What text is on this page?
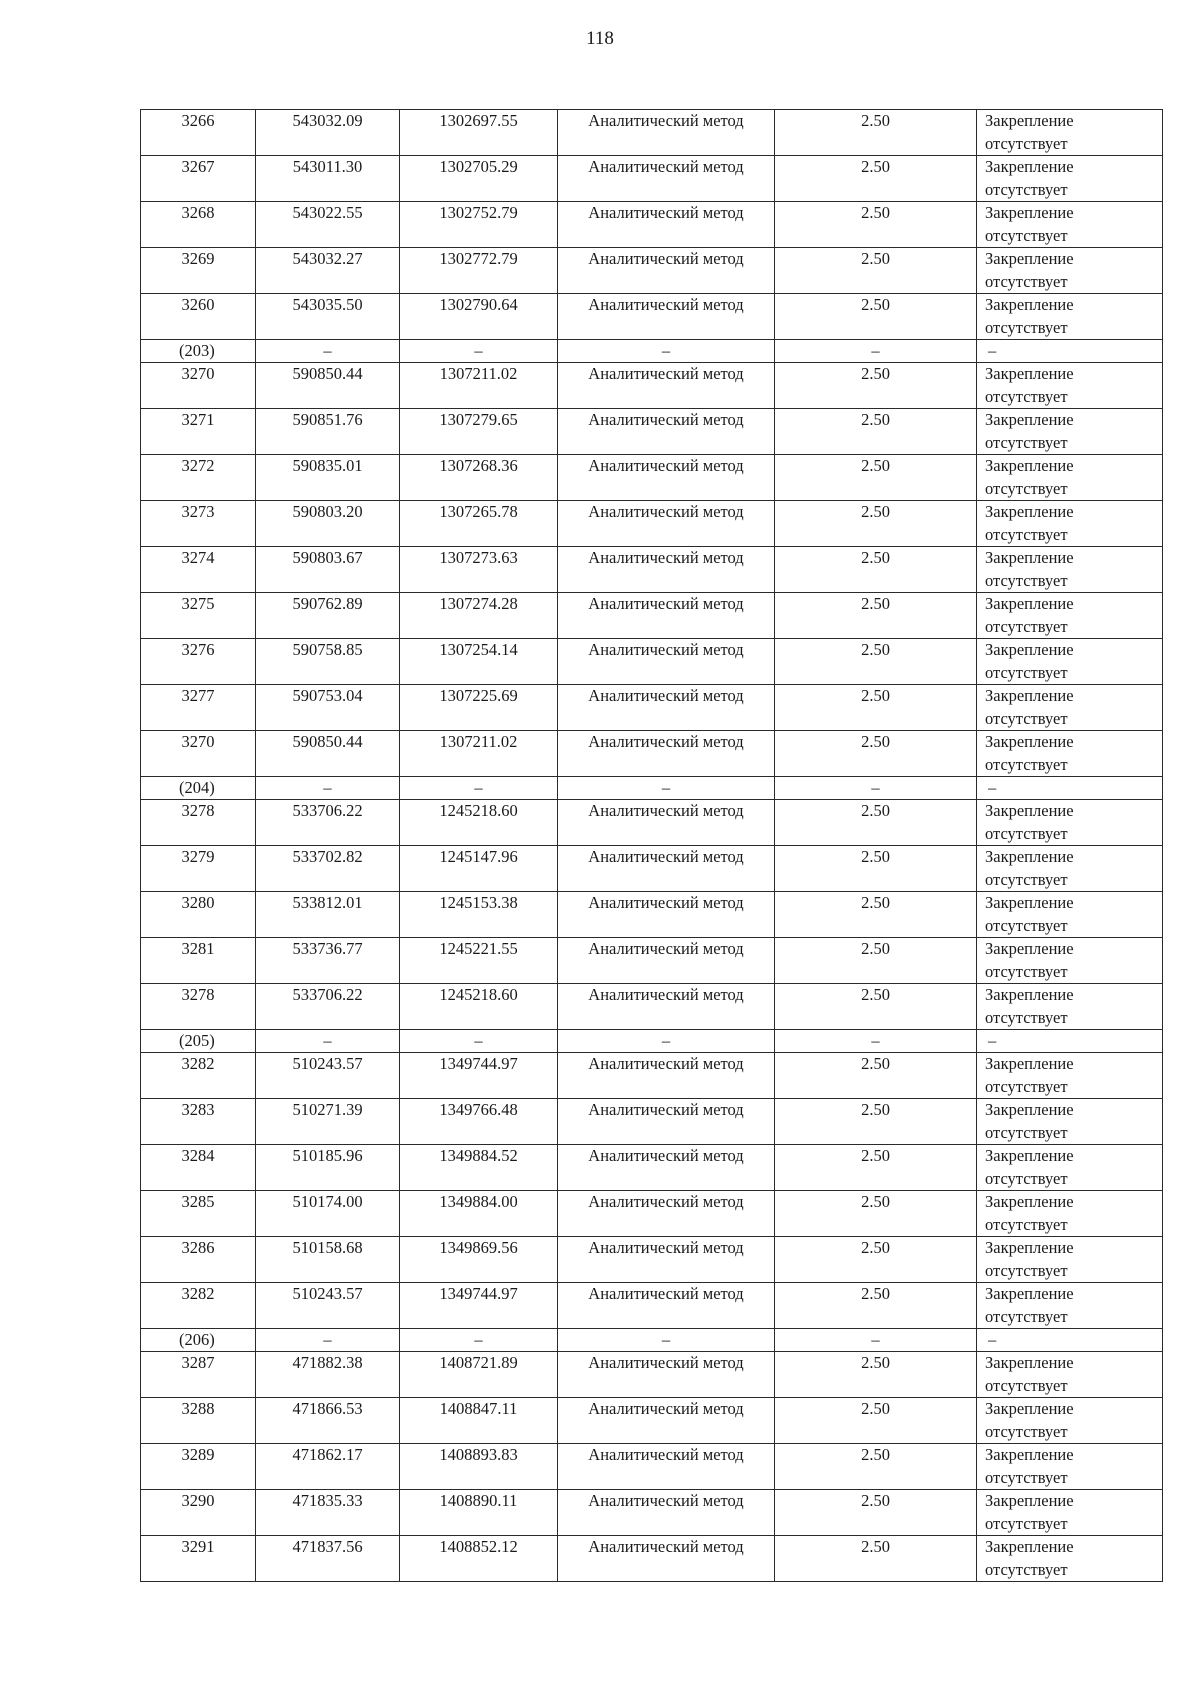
118
3266	543032.09	1302697.55	Аналитический метод	2.50	Закрепление отсутствует
3267	543011.30	1302705.29	Аналитический метод	2.50	Закрепление отсутствует
3268	543022.55	1302752.79	Аналитический метод	2.50	Закрепление отсутствует
3269	543032.27	1302772.79	Аналитический метод	2.50	Закрепление отсутствует
3260	543035.50	1302790.64	Аналитический метод	2.50	Закрепление отсутствует
(203)	–	–	–	–	–
3270	590850.44	1307211.02	Аналитический метод	2.50	Закрепление отсутствует
3271	590851.76	1307279.65	Аналитический метод	2.50	Закрепление отсутствует
3272	590835.01	1307268.36	Аналитический метод	2.50	Закрепление отсутствует
3273	590803.20	1307265.78	Аналитический метод	2.50	Закрепление отсутствует
3274	590803.67	1307273.63	Аналитический метод	2.50	Закрепление отсутствует
3275	590762.89	1307274.28	Аналитический метод	2.50	Закрепление отсутствует
3276	590758.85	1307254.14	Аналитический метод	2.50	Закрепление отсутствует
3277	590753.04	1307225.69	Аналитический метод	2.50	Закрепление отсутствует
3270	590850.44	1307211.02	Аналитический метод	2.50	Закрепление отсутствует
(204)	–	–	–	–	–
3278	533706.22	1245218.60	Аналитический метод	2.50	Закрепление отсутствует
3279	533702.82	1245147.96	Аналитический метод	2.50	Закрепление отсутствует
3280	533812.01	1245153.38	Аналитический метод	2.50	Закрепление отсутствует
3281	533736.77	1245221.55	Аналитический метод	2.50	Закрепление отсутствует
3278	533706.22	1245218.60	Аналитический метод	2.50	Закрепление отсутствует
(205)	–	–	–	–	–
3282	510243.57	1349744.97	Аналитический метод	2.50	Закрепление отсутствует
3283	510271.39	1349766.48	Аналитический метод	2.50	Закрепление отсутствует
3284	510185.96	1349884.52	Аналитический метод	2.50	Закрепление отсутствует
3285	510174.00	1349884.00	Аналитический метод	2.50	Закрепление отсутствует
3286	510158.68	1349869.56	Аналитический метод	2.50	Закрепление отсутствует
3282	510243.57	1349744.97	Аналитический метод	2.50	Закрепление отсутствует
(206)	–	–	–	–	–
3287	471882.38	1408721.89	Аналитический метод	2.50	Закрепление отсутствует
3288	471866.53	1408847.11	Аналитический метод	2.50	Закрепление отсутствует
3289	471862.17	1408893.83	Аналитический метод	2.50	Закрепление отсутствует
3290	471835.33	1408890.11	Аналитический метод	2.50	Закрепление отсутствует
3291	471837.56	1408852.12	Аналитический метод	2.50	Закрепление отсутствует
